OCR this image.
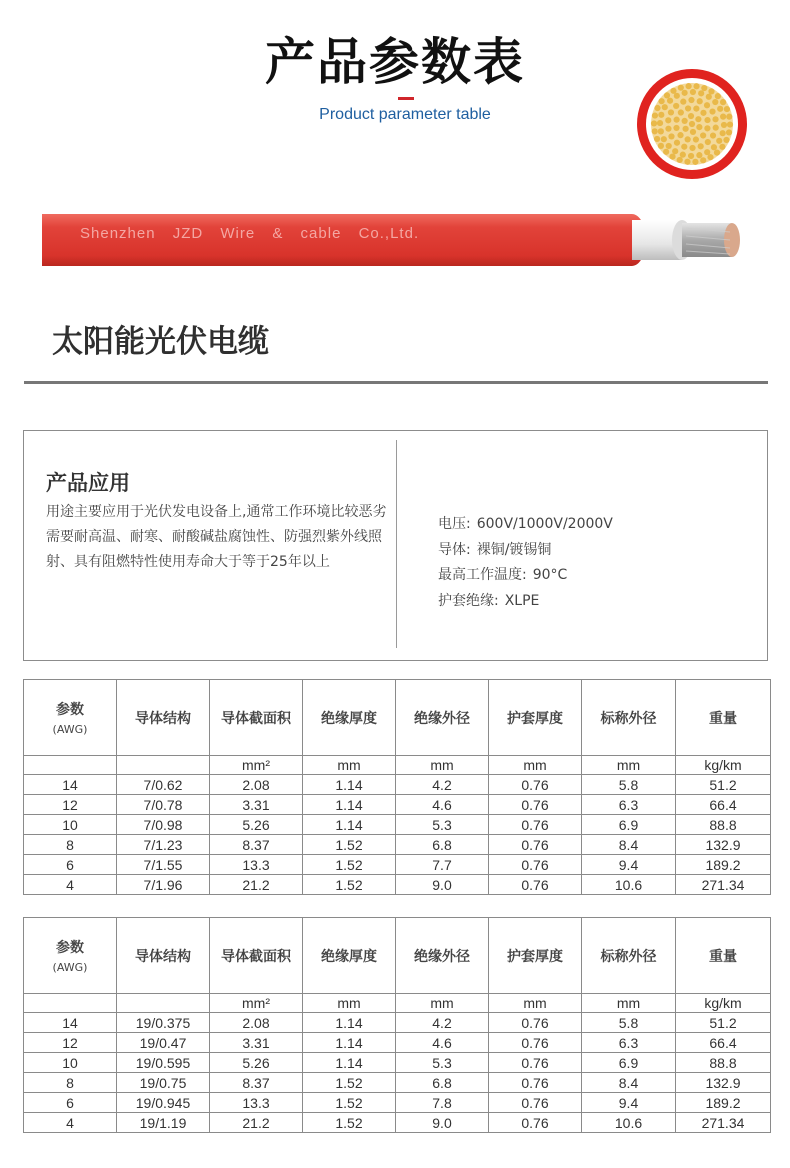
产品参数表
Product parameter table
Shenzhen JZD Wire & cable Co.,Ltd.
太阳能光伏电缆
产品应用
用途主要应用于光伏发电设备上,通常工作环境比较恶劣需要耐高温、耐寒、耐酸碱盐腐蚀性、防强烈紫外线照射、具有阻燃特性使用寿命大于等于25年以上
电压: 600V/1000V/2000V
导体: 裸铜/镀锡铜
最高工作温度: 90°C
护套绝缘: XLPE
参数
(AWG)	导体结构	导体截面积	绝缘厚度	绝缘外径	护套厚度	标称外径	重量
		mm²	mm	mm	mm	mm	kg/km
14	7/0.62	2.08	1.14	4.2	0.76	5.8	51.2
12	7/0.78	3.31	1.14	4.6	0.76	6.3	66.4
10	7/0.98	5.26	1.14	5.3	0.76	6.9	88.8
8	7/1.23	8.37	1.52	6.8	0.76	8.4	132.9
6	7/1.55	13.3	1.52	7.7	0.76	9.4	189.2
4	7/1.96	21.2	1.52	9.0	0.76	10.6	271.34
参数
(AWG)	导体结构	导体截面积	绝缘厚度	绝缘外径	护套厚度	标称外径	重量
		mm²	mm	mm	mm	mm	kg/km
14	19/0.375	2.08	1.14	4.2	0.76	5.8	51.2
12	19/0.47	3.31	1.14	4.6	0.76	6.3	66.4
10	19/0.595	5.26	1.14	5.3	0.76	6.9	88.8
8	19/0.75	8.37	1.52	6.8	0.76	8.4	132.9
6	19/0.945	13.3	1.52	7.8	0.76	9.4	189.2
4	19/1.19	21.2	1.52	9.0	0.76	10.6	271.34
